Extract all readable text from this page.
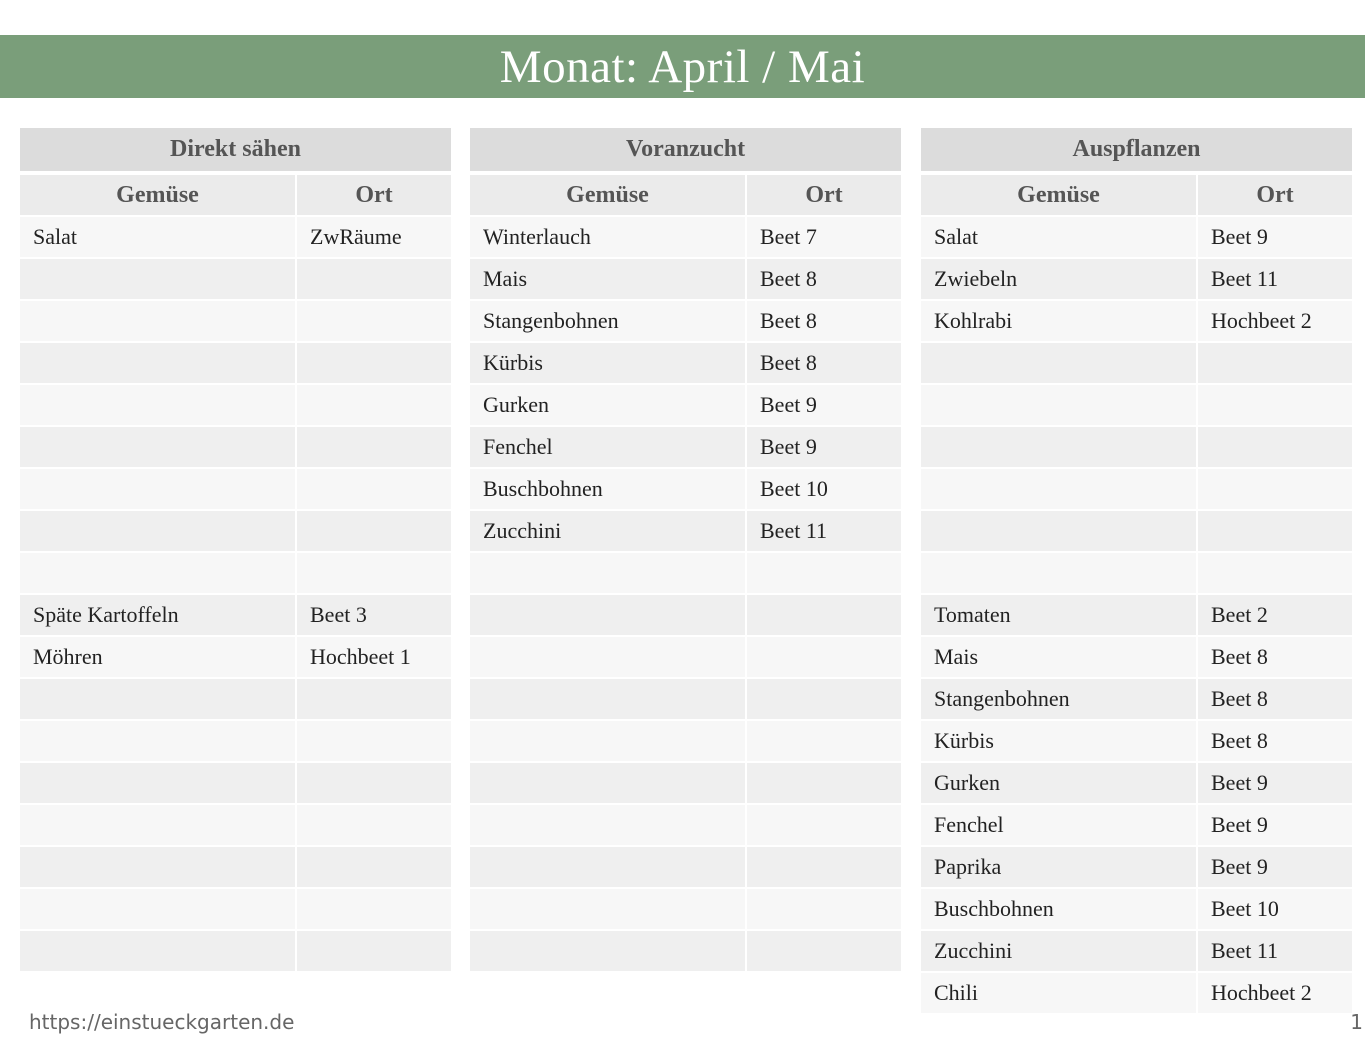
Monat: April / Mai
Direkt sähen
Gemüse	Ort
Salat	ZwRäume
Späte Kartoffeln	Beet 3
Möhren	Hochbeet 1
Voranzucht
Gemüse	Ort
Winterlauch	Beet 7
Mais	Beet 8
Stangenbohnen	Beet 8
Kürbis	Beet 8
Gurken	Beet 9
Fenchel	Beet 9
Buschbohnen	Beet 10
Zucchini	Beet 11
Auspflanzen
Gemüse	Ort
Salat	Beet 9
Zwiebeln	Beet 11
Kohlrabi	Hochbeet 2
Tomaten	Beet 2
Mais	Beet 8
Stangenbohnen	Beet 8
Kürbis	Beet 8
Gurken	Beet 9
Fenchel	Beet 9
Paprika	Beet 9
Buschbohnen	Beet 10
Zucchini	Beet 11
Chili	Hochbeet 2
https://einstueckgarten.de	1
